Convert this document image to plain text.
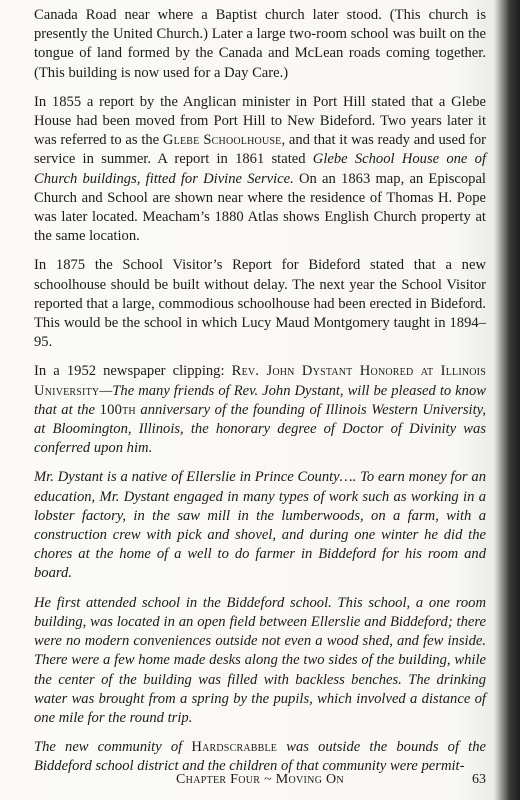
Canada Road near where a Baptist church later stood. (This church is presently the United Church.) Later a large two-room school was built on the tongue of land formed by the Canada and McLean roads coming together. (This building is now used for a Day Care.)

In 1855 a report by the Anglican minister in Port Hill stated that a Glebe House had been moved from Port Hill to New Bideford. Two years later it was referred to as the Glebe Schoolhouse, and that it was ready and used for service in summer. A report in 1861 stated Glebe School House one of Church buildings, fitted for Divine Service. On an 1863 map, an Episcopal Church and School are shown near where the residence of Thomas H. Pope was later located. Meacham’s 1880 Atlas shows English Church property at the same location.

In 1875 the School Visitor’s Report for Bideford stated that a new schoolhouse should be built without delay. The next year the School Visitor reported that a large, commodious schoolhouse had been erected in Bideford. This would be the school in which Lucy Maud Montgomery taught in 1894–95.

In a 1952 newspaper clipping: Rev. John Dystant Honored at Illinois University—The many friends of Rev. John Dystant, will be pleased to know that at the 100th anniversary of the founding of Illinois Western University, at Bloomington, Illinois, the honorary degree of Doctor of Divinity was conferred upon him.

Mr. Dystant is a native of Ellerslie in Prince County…. To earn money for an education, Mr. Dystant engaged in many types of work such as working in a lobster factory, in the saw mill in the lumberwoods, on a farm, with a construction crew with pick and shovel, and during one winter he did the chores at the home of a well to do farmer in Biddeford for his room and board.

He first attended school in the Biddeford school. This school, a one room building, was located in an open field between Ellerslie and Biddeford; there were no modern conveniences outside not even a wood shed, and few inside. There were a few home made desks along the two sides of the building, while the center of the building was filled with backless benches. The drinking water was brought from a spring by the pupils, which involved a distance of one mile for the round trip.

The new community of Hardscrabble was outside the bounds of the Biddeford school district and the children of that community were permit-

Chapter Four ~ Moving On	63
